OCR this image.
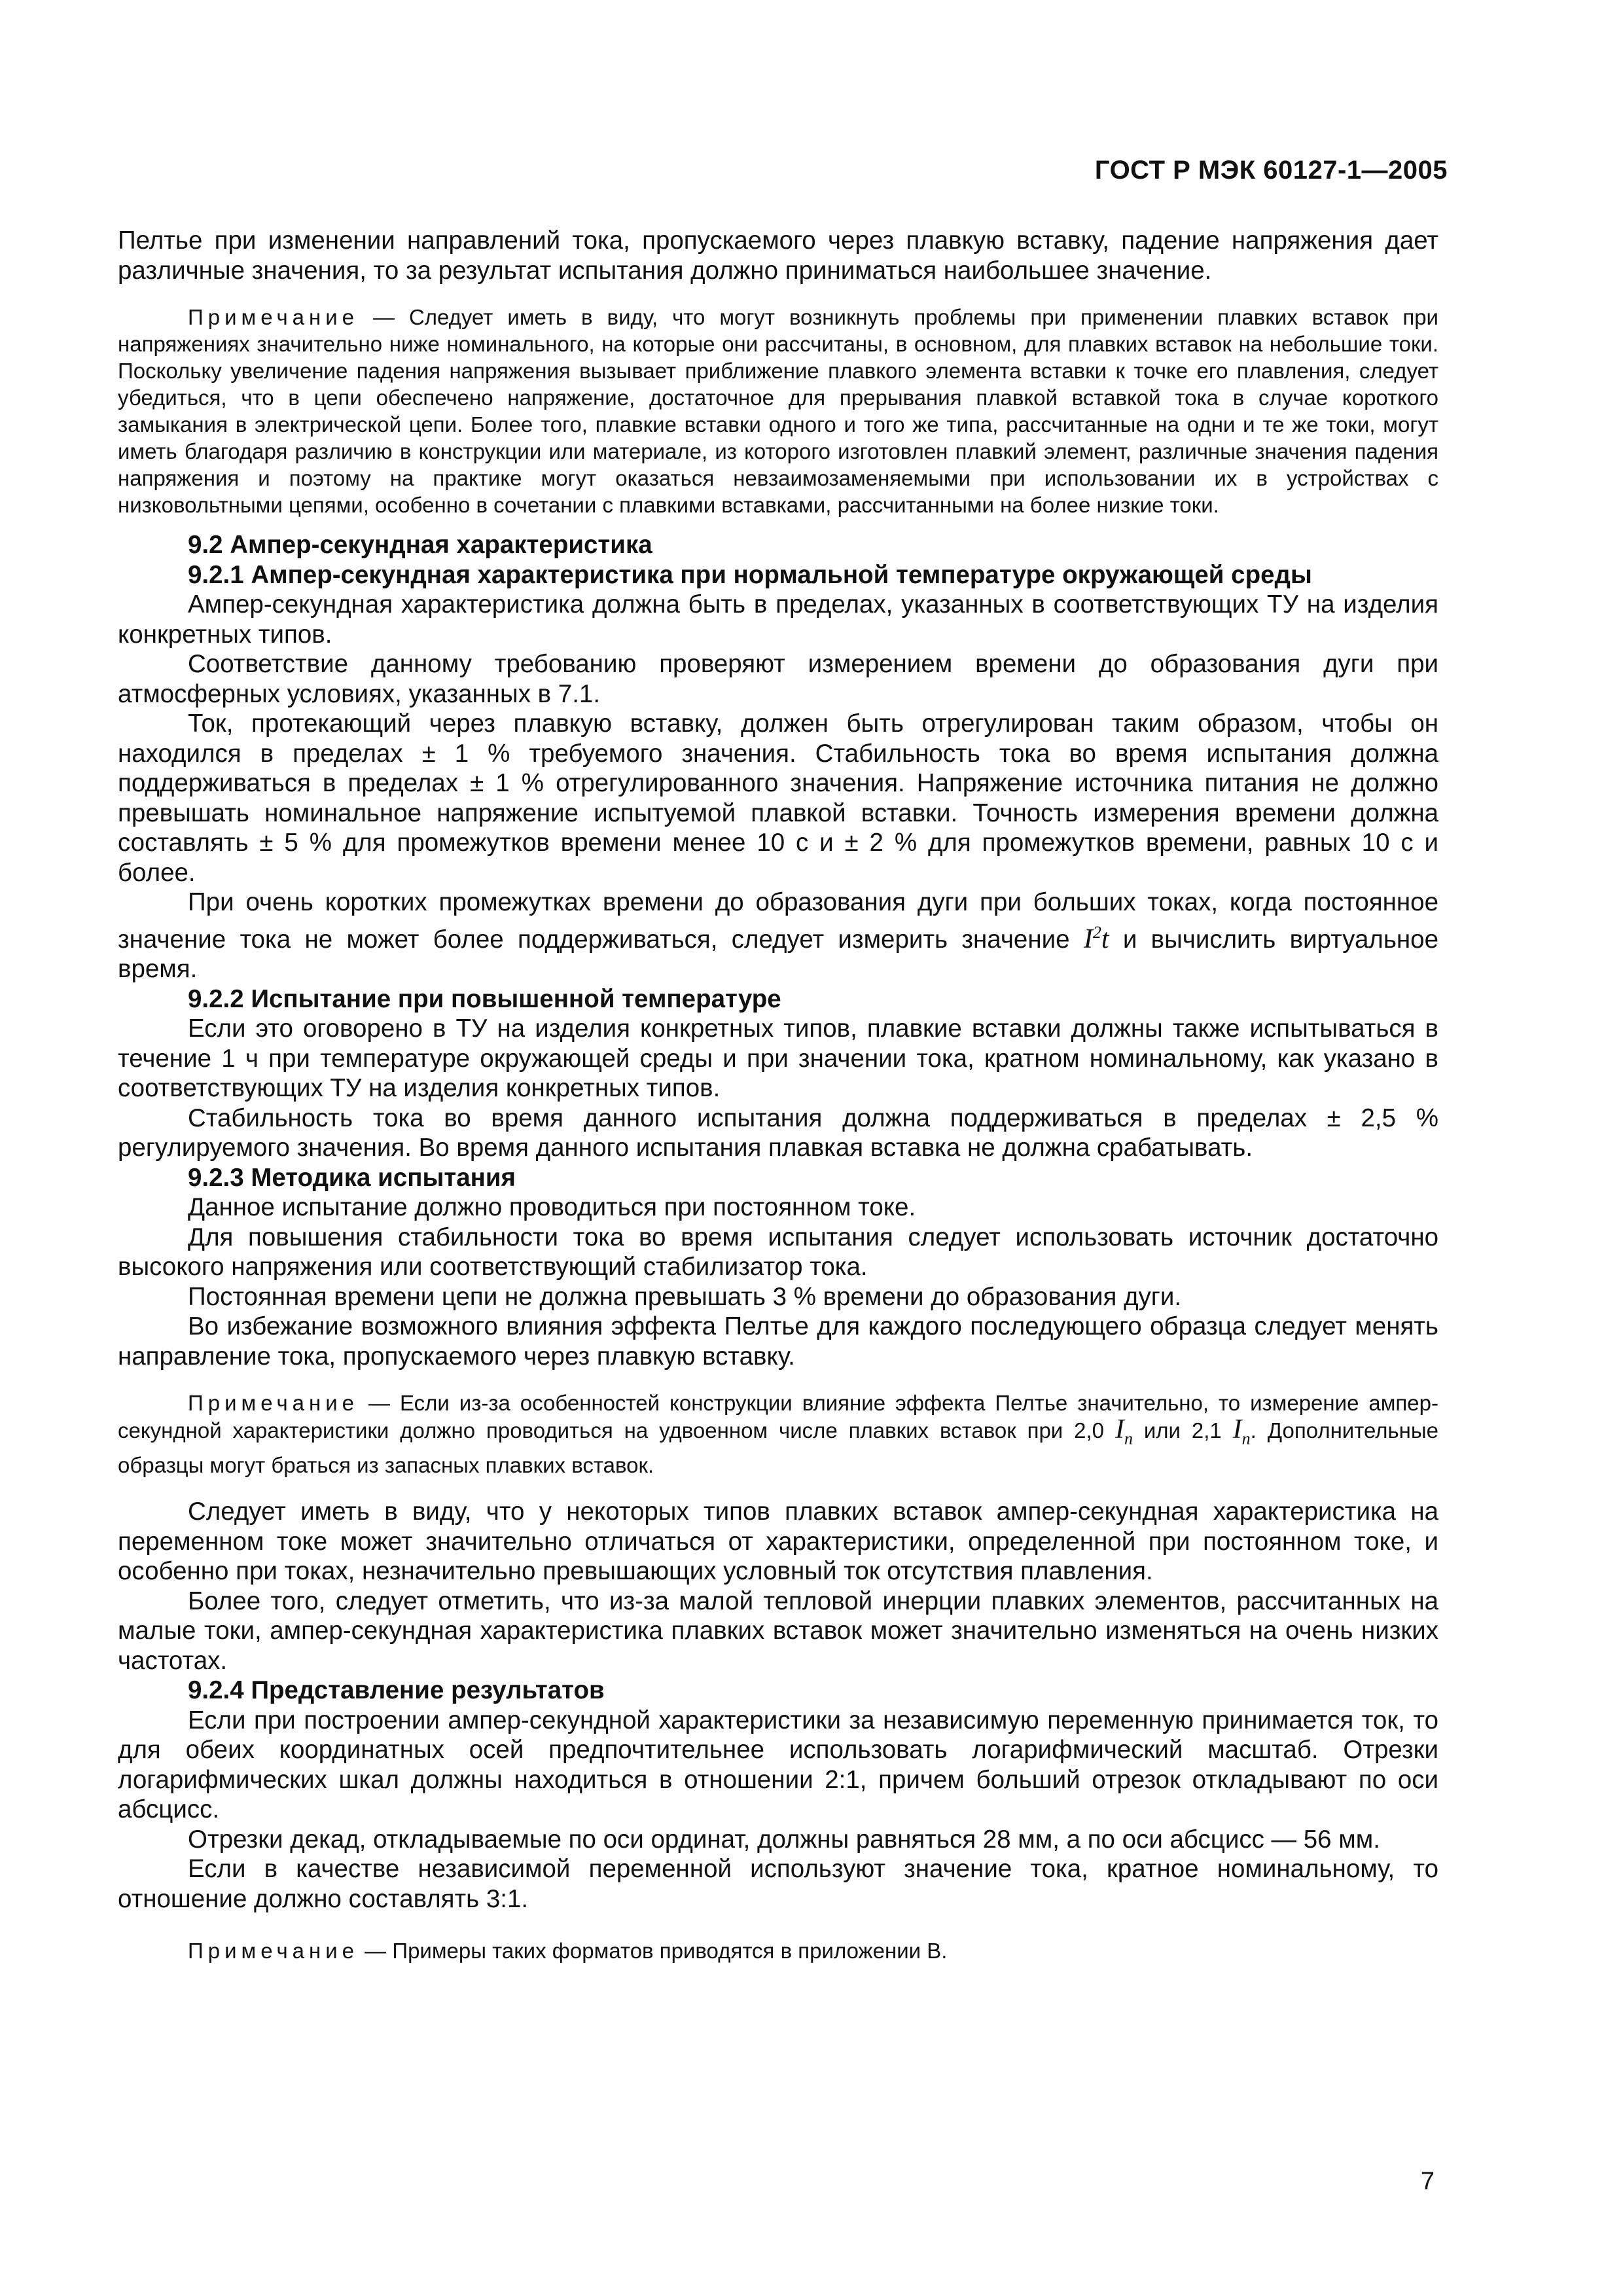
ГОСТ Р МЭК 60127-1—2005

Пелтье при изменении направлений тока, пропускаемого через плавкую вставку, падение напряжения дает различные значения, то за результат испытания должно приниматься наибольшее значение.

Примечание — Следует иметь в виду, что могут возникнуть проблемы при применении плавких вставок при напряжениях значительно ниже номинального, на которые они рассчитаны, в основном, для плавких вставок на небольшие токи. Поскольку увеличение падения напряжения вызывает приближение плавкого элемента вставки к точке его плавления, следует убедиться, что в цепи обеспечено напряжение, достаточное для прерывания плавкой вставкой тока в случае короткого замыкания в электрической цепи. Более того, плавкие вставки одного и того же типа, рассчитанные на одни и те же токи, могут иметь благодаря различию в конструкции или материале, из которого изготовлен плавкий элемент, различные значения падения напряжения и поэтому на практике могут оказаться невзаимозаменяемыми при использовании их в устройствах с низковольтными цепями, особенно в сочетании с плавкими вставками, рассчитанными на более низкие токи.

9.2 Ампер-секундная характеристика

9.2.1 Ампер-секундная характеристика при нормальной температуре окружающей среды

Ампер-секундная характеристика должна быть в пределах, указанных в соответствующих ТУ на изделия конкретных типов.

Соответствие данному требованию проверяют измерением времени до образования дуги при атмосферных условиях, указанных в 7.1.

Ток, протекающий через плавкую вставку, должен быть отрегулирован таким образом, чтобы он находился в пределах ± 1 % требуемого значения. Стабильность тока во время испытания должна поддерживаться в пределах ± 1 % отрегулированного значения. Напряжение источника питания не должно превышать номинальное напряжение испытуемой плавкой вставки. Точность измерения времени должна составлять ± 5 % для промежутков времени менее 10 с и ± 2 % для промежутков времени, равных 10 с и более.

При очень коротких промежутках времени до образования дуги при больших токах, когда постоянное значение тока не может более поддерживаться, следует измерить значение $I^2t$ и вычислить виртуальное время.

9.2.2 Испытание при повышенной температуре

Если это оговорено в ТУ на изделия конкретных типов, плавкие вставки должны также испытываться в течение 1 ч при температуре окружающей среды и при значении тока, кратном номинальному, как указано в соответствующих ТУ на изделия конкретных типов.

Стабильность тока во время данного испытания должна поддерживаться в пределах ± 2,5 % регулируемого значения. Во время данного испытания плавкая вставка не должна срабатывать.

9.2.3 Методика испытания

Данное испытание должно проводиться при постоянном токе.

Для повышения стабильности тока во время испытания следует использовать источник достаточно высокого напряжения или соответствующий стабилизатор тока.

Постоянная времени цепи не должна превышать 3 % времени до образования дуги.

Во избежание возможного влияния эффекта Пелтье для каждого последующего образца следует менять направление тока, пропускаемого через плавкую вставку.

Примечание — Если из-за особенностей конструкции влияние эффекта Пелтье значительно, то измерение ампер-секундной характеристики должно проводиться на удвоенном числе плавких вставок при 2,0 $I_n$ или 2,1 $I_n$. Дополнительные образцы могут браться из запасных плавких вставок.

Следует иметь в виду, что у некоторых типов плавких вставок ампер-секундная характеристика на переменном токе может значительно отличаться от характеристики, определенной при постоянном токе, и особенно при токах, незначительно превышающих условный ток отсутствия плавления.

Более того, следует отметить, что из-за малой тепловой инерции плавких элементов, рассчитанных на малые токи, ампер-секундная характеристика плавких вставок может значительно изменяться на очень низких частотах.

9.2.4 Представление результатов

Если при построении ампер-секундной характеристики за независимую переменную принимается ток, то для обеих координатных осей предпочтительнее использовать логарифмический масштаб. Отрезки логарифмических шкал должны находиться в отношении 2:1, причем больший отрезок откладывают по оси абсцисс.

Отрезки декад, откладываемые по оси ординат, должны равняться 28 мм, а по оси абсцисс — 56 мм.

Если в качестве независимой переменной используют значение тока, кратное номинальному, то отношение должно составлять 3:1.

Примечание — Примеры таких форматов приводятся в приложении В.

7
